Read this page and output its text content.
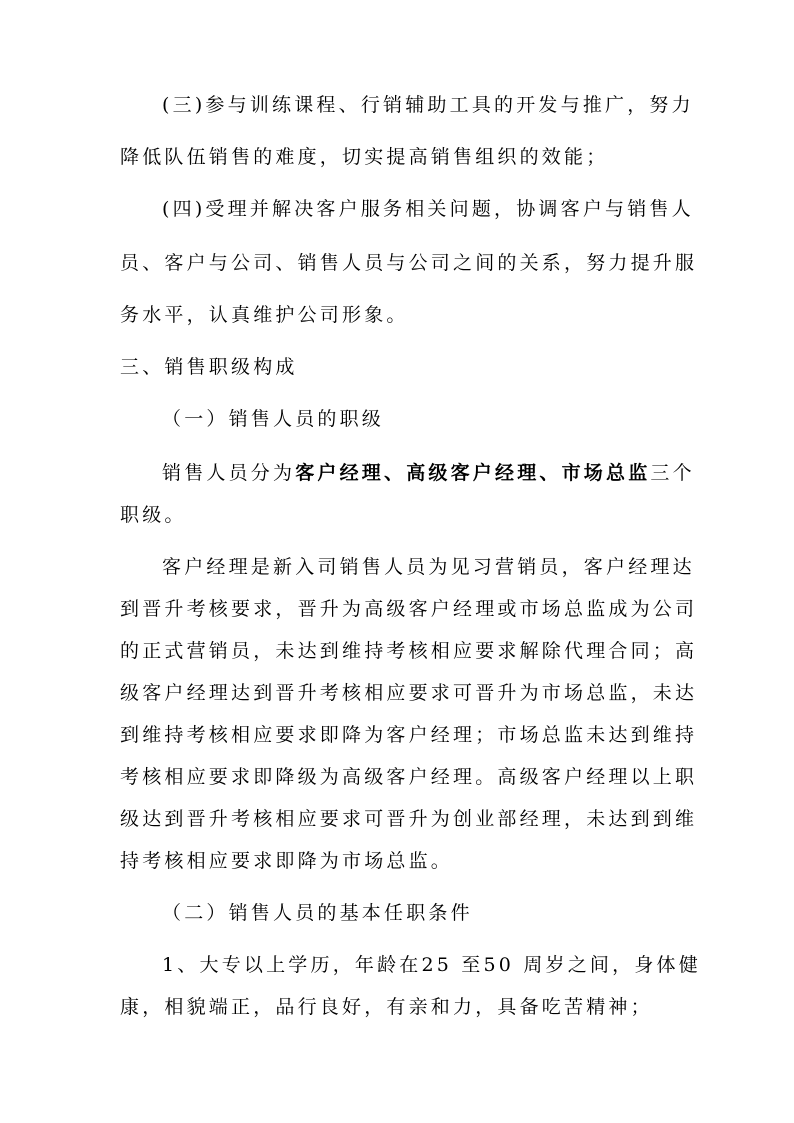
(三)参与训练课程、行销辅助工具的开发与推广，努力
降低队伍销售的难度，切实提高销售组织的效能；
(四)受理并解决客户服务相关问题，协调客户与销售人
员、客户与公司、销售人员与公司之间的关系，努力提升服
务水平，认真维护公司形象。
三、销售职级构成
（一）销售人员的职级
销售人员分为客户经理、高级客户经理、市场总监三个
职级。
客户经理是新入司销售人员为见习营销员，客户经理达
到晋升考核要求，晋升为高级客户经理或市场总监成为公司
的正式营销员，未达到维持考核相应要求解除代理合同；高
级客户经理达到晋升考核相应要求可晋升为市场总监，未达
到维持考核相应要求即降为客户经理；市场总监未达到维持
考核相应要求即降级为高级客户经理。高级客户经理以上职
级达到晋升考核相应要求可晋升为创业部经理，未达到到维
持考核相应要求即降为市场总监。
（二）销售人员的基本任职条件
1、大专以上学历，年龄在25 至50 周岁之间，身体健
康，相貌端正，品行良好，有亲和力，具备吃苦精神；
